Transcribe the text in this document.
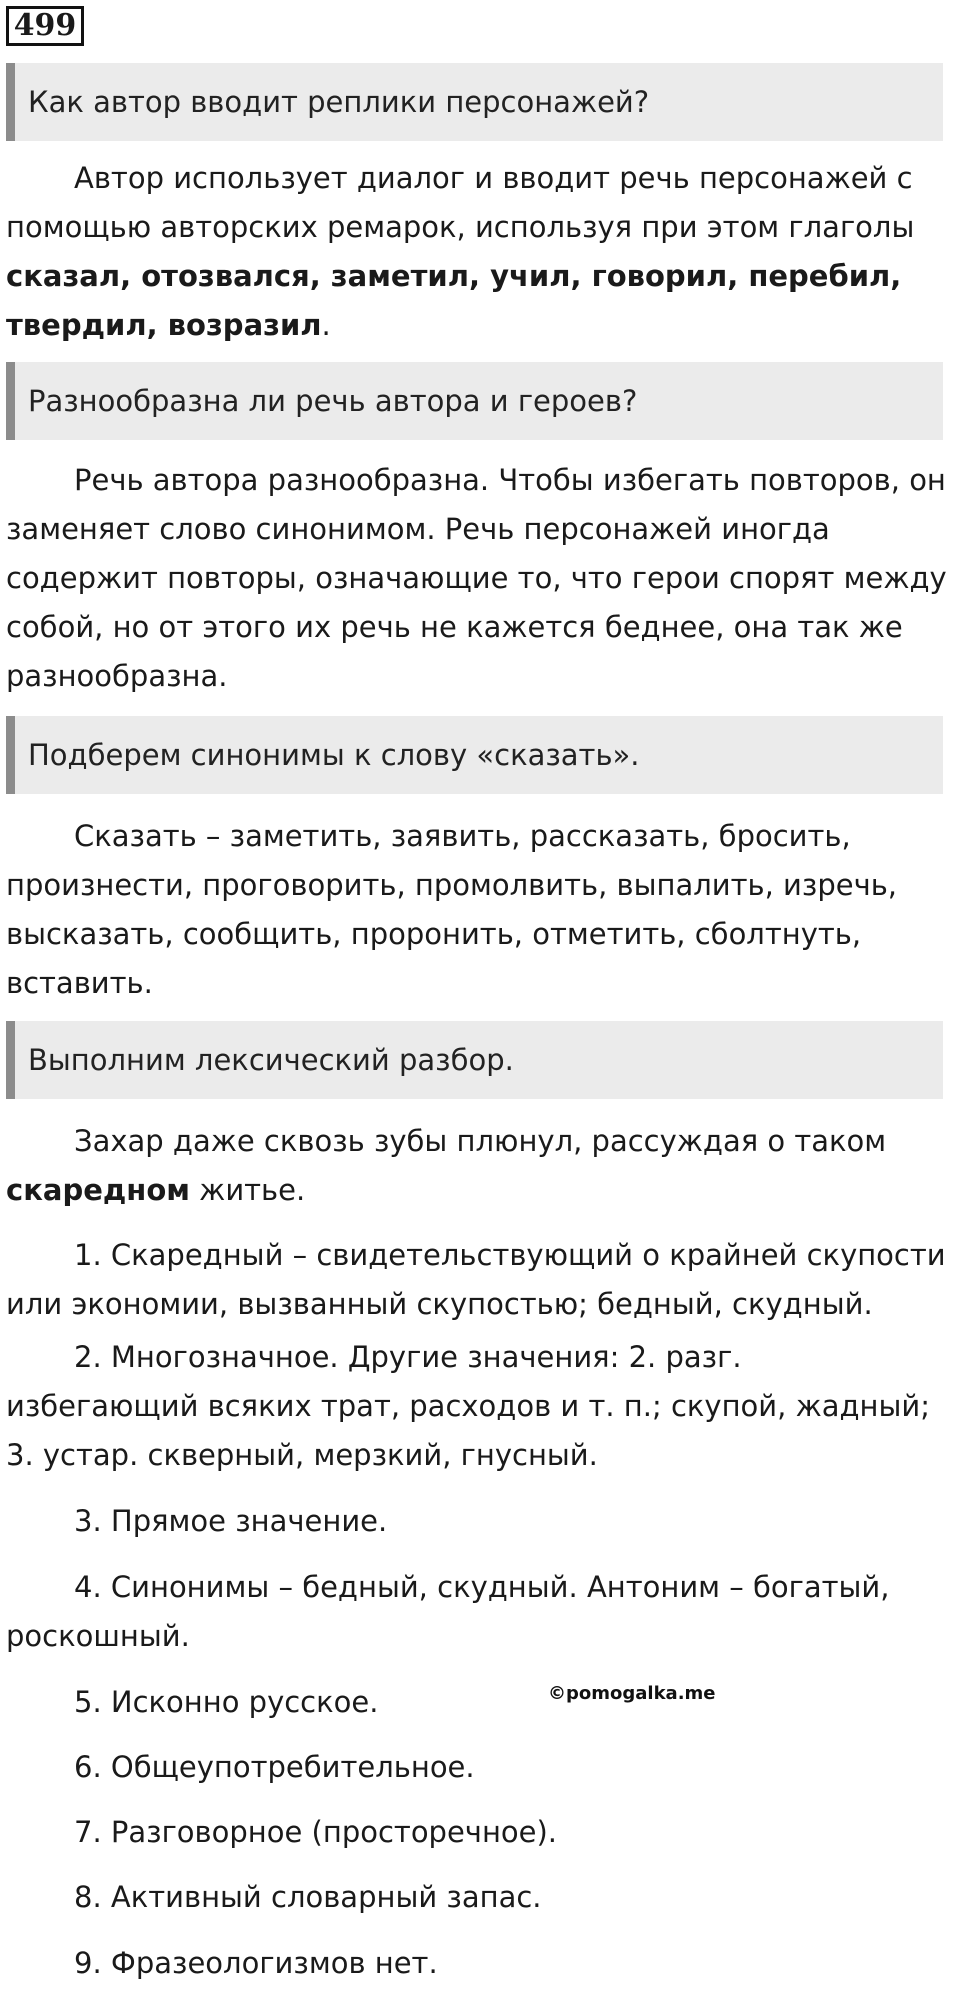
499
Как автор вводит реплики персонажей?
Автор использует диалог и вводит речь персонажей с
помощью авторских ремарок, используя при этом глаголы
сказал, отозвался, заметил, учил, говорил, перебил,
твердил, возразил.
Разнообразна ли речь автора и героев?
Речь автора разнообразна. Чтобы избегать повторов, он
заменяет слово синонимом. Речь персонажей иногда
содержит повторы, означающие то, что герои спорят между
собой, но от этого их речь не кажется беднее, она так же
разнообразна.
Подберем синонимы к слову «сказать».
Сказать – заметить, заявить, рассказать, бросить,
произнести, проговорить, промолвить, выпалить, изречь,
высказать, сообщить, проронить, отметить, сболтнуть,
вставить.
Выполним лексический разбор.
Захар даже сквозь зубы плюнул, рассуждая о таком
скаредном житье.
1. Скаредный – свидетельствующий о крайней скупости
или экономии, вызванный скупостью; бедный, скудный.
2. Многозначное. Другие значения: 2. разг.
избегающий всяких трат, расходов и т. п.; скупой, жадный;
3. устар. скверный, мерзкий, гнусный.
3. Прямое значение.
4. Синонимы – бедный, скудный. Антоним – богатый,
роскошный.
5. Исконно русское.
6. Общеупотребительное.
7. Разговорное (просторечное).
8. Активный словарный запас.
9. Фразеологизмов нет.
©pomogalka.me
